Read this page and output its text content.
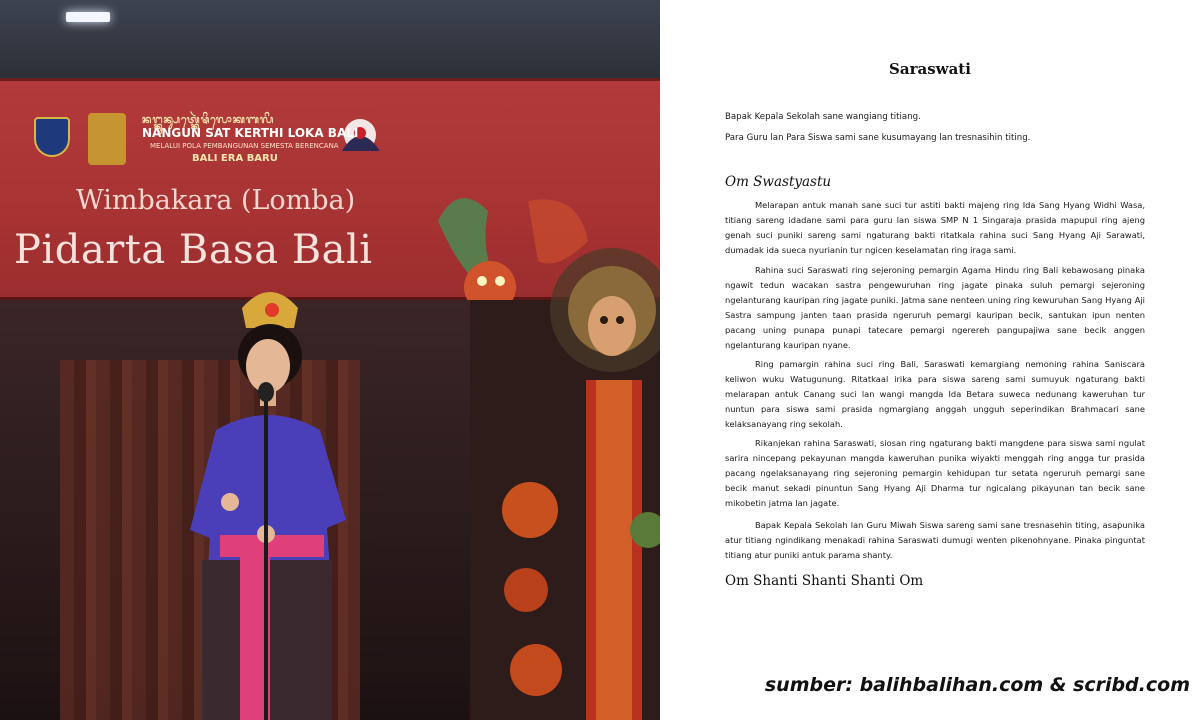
ᬦᬗ᭄ᬓᬸᬦ᭄ᬲᬢ᭄ᬓᬾᬃᬣᬶᬮᭀᬓᬩᬮᬶ
NANGUN SAT KERTHI LOKA BALI
MELALUI POLA PEMBANGUNAN SEMESTA BERENCANA
BALI ERA BARU
Wimbakara (Lomba)
Pidarta Basa Bali
Saraswati
Bapak Kepala Sekolah sane wangiang titiang.
Para Guru lan Para Siswa sami sane kusumayang lan tresnasihin titing.
Om Swastyastu

Melarapan antuk manah sane suci tur astiti bakti majeng ring Ida Sang Hyang Widhi Wasa, titiang sareng idadane sami para guru lan siswa SMP N 1 Singaraja prasida mapupul ring ajeng genah suci puniki sareng sami ngaturang bakti ritatkala rahina suci Sang Hyang Aji Sarawati, dumadak ida sueca nyurianin tur ngicen keselamatan ring iraga sami.

Rahina suci Saraswati ring sejeroning pemargin Agama Hindu ring Bali kebawosang pinaka ngawit tedun wacakan sastra pengewuruhan ring jagate pinaka suluh pemargi sejeroning ngelanturang kauripan ring jagate puniki. Jatma sane nenteen uning ring kewuruhan Sang Hyang Aji Sastra sampung janten taan prasida ngeruruh pemargi kauripan becik, santukan ipun nenten pacang uning punapa punapi tatecare pemargi ngerereh pangupajiwa sane becik anggen ngelanturang kauripan nyane.

Ring pamargin rahina suci ring Bali, Saraswati kemargiang nemoning rahina Saniscara keliwon wuku Watugunung. Ritatkaal irika para siswa sareng sami sumuyuk ngaturang bakti melarapan antuk Canang suci lan wangi mangda Ida Betara suweca nedunang kaweruhan tur nuntun para siswa sami prasida ngmargiang anggah ungguh seperindikan Brahmacari sane kelaksanayang ring sekolah.

Rikanjekan rahina Saraswati, siosan ring ngaturang bakti mangdene para siswa sami ngulat sarira nincepang pekayunan mangda kaweruhan punika wiyakti menggah ring angga tur prasida pacang ngelaksanayang ring sejeroning pemargin kehidupan tur setata ngeruruh pemargi sane becik manut sekadi pinuntun Sang Hyang Aji Dharma tur ngicalang pikayunan tan becik sane mikobetin jatma lan jagate.

Bapak Kepala Sekolah lan Guru Miwah Siswa sareng sami sane tresnasehin titing, asapunika atur titiang ngindikang menakadi rahina Saraswati dumugi wenten pikenohnyane. Pinaka pinguntat titiang atur puniki antuk parama shanty.

Om Shanti Shanti Shanti Om
sumber: balihbalihan.com & scribd.com
